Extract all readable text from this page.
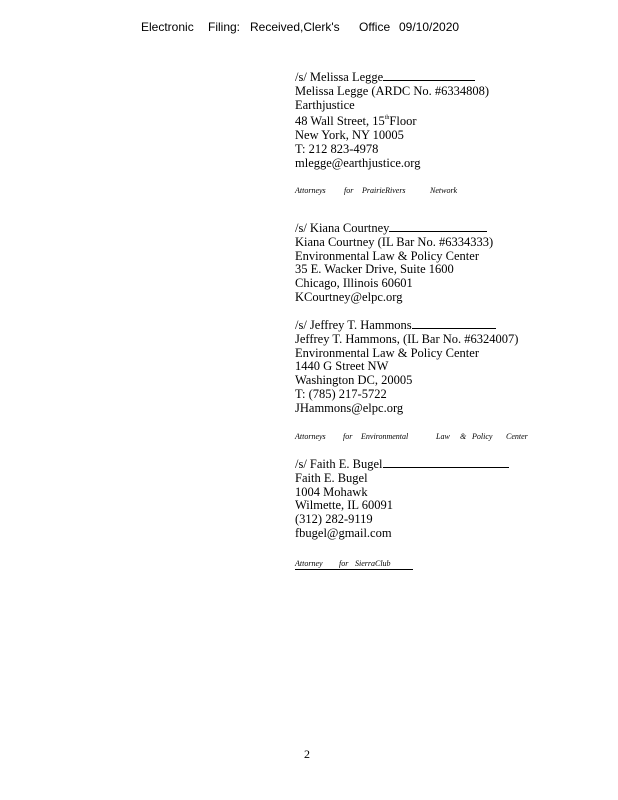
Electronic Filing: Received,Clerk's Office 09/10/2020
/s/ Melissa Legge
Melissa Legge (ARDC No. #6334808)
Earthjustice
48 Wall Street, 15thFloor
New York, NY 10005
T: 212 823-4978
mlegge@earthjustice.org
Attorneys for PrairieRivers	Network
/s/ Kiana Courtney
Kiana Courtney (IL Bar No. #6334333)
Environmental Law & Policy Center
35 E. Wacker Drive, Suite 1600
Chicago, Illinois 60601
KCourtney@elpc.org
/s/ Jeffrey T. Hammons
Jeffrey T. Hammons, (IL Bar No. #6324007)
Environmental Law & Policy Center
1440 G Street NW
Washington DC, 20005
T: (785) 217-5722
JHammons@elpc.org
Attorneys for Environmental	Law & Policy Center
/s/ Faith E. Bugel
Faith E. Bugel
1004 Mohawk
Wilmette, IL 60091
(312) 282-9119
fbugel@gmail.com
Attorney for SierraClub
2
